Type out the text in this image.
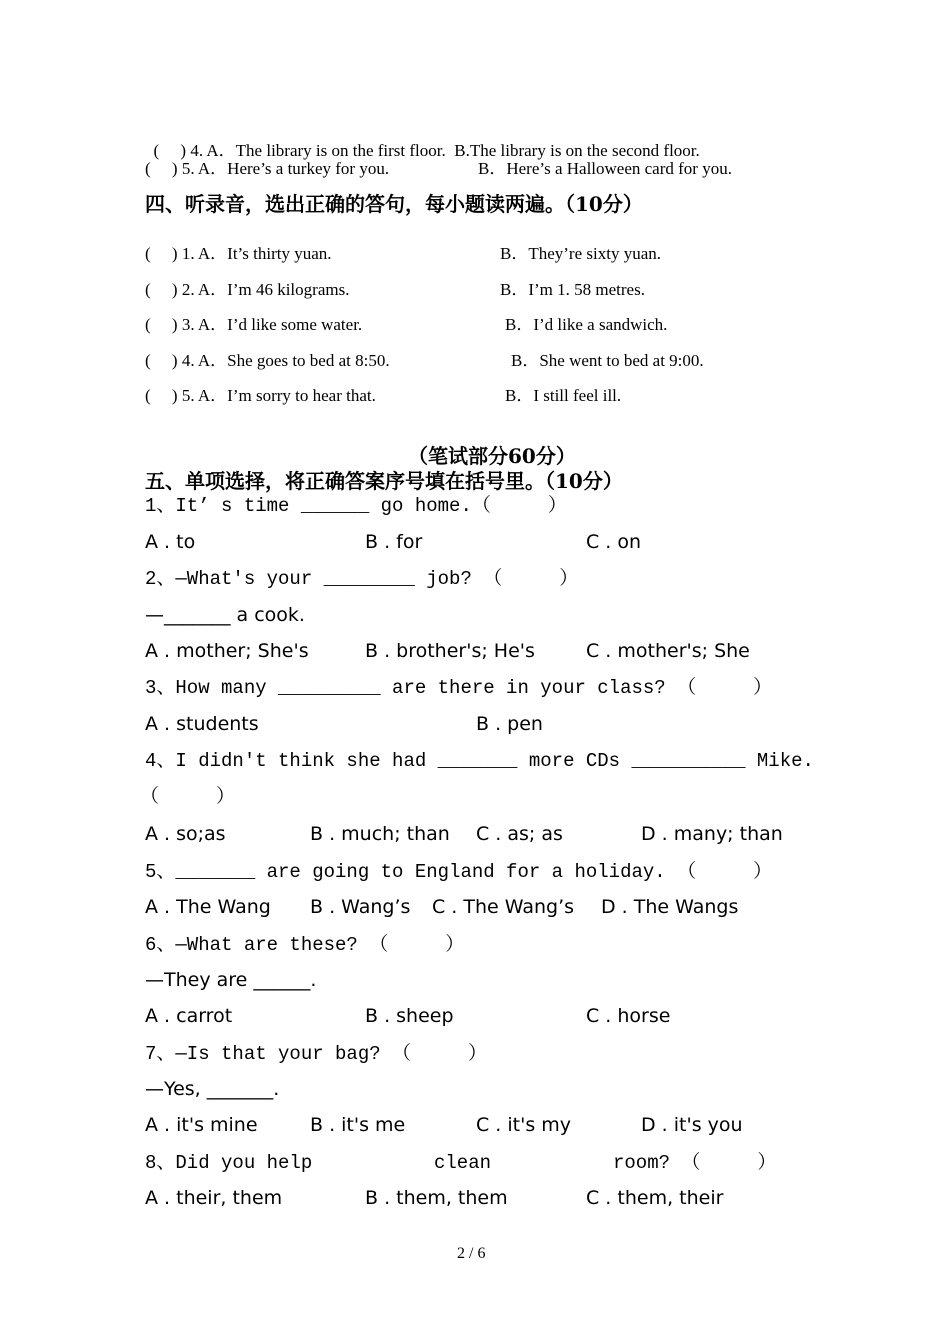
(     ) 4. A．The library is on the first floor. B.The library is on the second floor.

(     ) 5. A．Here’s a turkey for you.	B．Here’s a Halloween card for you.
四、听录音，选出正确的答句，每小题读两遍。（10分）
(     ) 1. A．It’s thirty yuan.	B．They’re sixty yuan.
(     ) 2. A．I’m 46 kilograms.	B．I’m 1. 58 metres.
(     ) 3. A．I’d like some water.	B．I’d like a sandwich.
(     ) 4. A．She goes to bed at 8:50.	B．She went to bed at 9:00.
(     ) 5. A．I’m sorry to hear that.	B．I still feel ill.
（笔试部分60分）
五、单项选择，将正确答案序号填在括号里。（10分）
1、It’ s time ______ go home.（     ）
A . to	B . for	C . on
2、—What's your ________ job? （     ）
—_______ a cook.
A . mother; She's	B . brother's; He's	C . mother's; She
3、How many _________ are there in your class? （     ）
A . students	B . pen
4、I didn't think she had _______ more CDs __________ Mike.
（     ）
A . so;as	B . much; than C . as; as	D . many; than
5、_______ are going to England for a holiday. （     ）
A . The Wang B . Wang’s C . The Wang’s D . The Wangs
6、—What are these? （     ）
—They are ______.
A . carrot	B . sheep	C . horse
7、—Is that your bag? （     ）
—Yes, _______.
A . it's mine	B . it's me	C . it's my	D . it's you
8、Did you help	clean	room? （     ）
A . their, them	B . them, them	C . them, their
2 / 6
